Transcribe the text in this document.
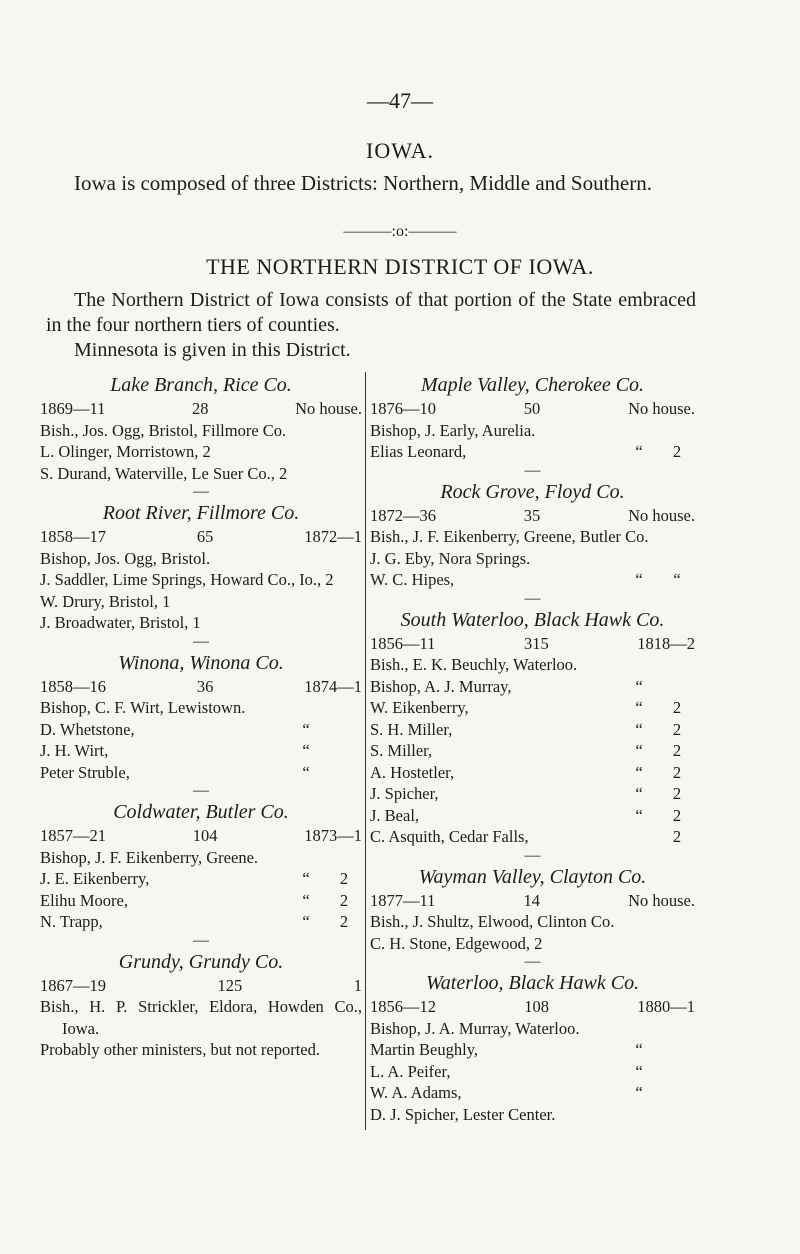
—47—
IOWA.
Iowa is composed of three Districts: Northern, Middle and Southern.
———:o:———
THE NORTHERN DISTRICT OF IOWA.

The Northern District of Iowa consists of that portion of the State embraced in the four northern tiers of counties.

Minnesota is given in this District.

Lake Branch, Rice Co.
1869—11	28	No house.
Bish., Jos. Ogg, Bristol, Fillmore Co.
L. Olinger, Morristown, 2
S. Durand, Waterville, Le Suer Co., 2
—
Root River, Fillmore Co.
1858—17	65	1872—1
Bishop, Jos. Ogg, Bristol.
J. Saddler, Lime Springs, Howard Co., Io., 2
W. Drury, Bristol, 1
J. Broadwater, Bristol, 1
—
Winona, Winona Co.
1858—16	36	1874—1
Bishop, C. F. Wirt, Lewistown.
D. Whetstone,	“
J. H. Wirt,	“
Peter Struble,	“
—
Coldwater, Butler Co.
1857—21	104	1873—1
Bishop, J. F. Eikenberry, Greene.
J. E. Eikenberry,	“	2
Elihu Moore,	“	2
N. Trapp,	“	2
—
Grundy, Grundy Co.
1867—19	125	1
Bish., H. P. Strickler, Eldora, Howden Co., Iowa.
Probably other ministers, but not reported.
Maple Valley, Cherokee Co.
1876—10	50	No house.
Bishop, J. Early, Aurelia.
Elias Leonard,	“	2
—
Rock Grove, Floyd Co.
1872—36	35	No house.
Bish., J. F. Eikenberry, Greene, Butler Co.
J. G. Eby, Nora Springs.
W. C. Hipes,	“	“
—
South Waterloo, Black Hawk Co.
1856—11	315	1818—2
Bish., E. K. Beuchly, Waterloo.
Bishop, A. J. Murray,	“
W. Eikenberry,	“	2
S. H. Miller,	“	2
S. Miller,	“	2
A. Hostetler,	“	2
J. Spicher,	“	2
J. Beal,	“	2
C. Asquith, Cedar Falls,	2
—
Wayman Valley, Clayton Co.
1877—11	14	No house.
Bish., J. Shultz, Elwood, Clinton Co.
C. H. Stone, Edgewood, 2
—
Waterloo, Black Hawk Co.
1856—12	108	1880—1
Bishop, J. A. Murray, Waterloo.
Martin Beughly,	“
L. A. Peifer,	“
W. A. Adams,	“
D. J. Spicher, Lester Center.
